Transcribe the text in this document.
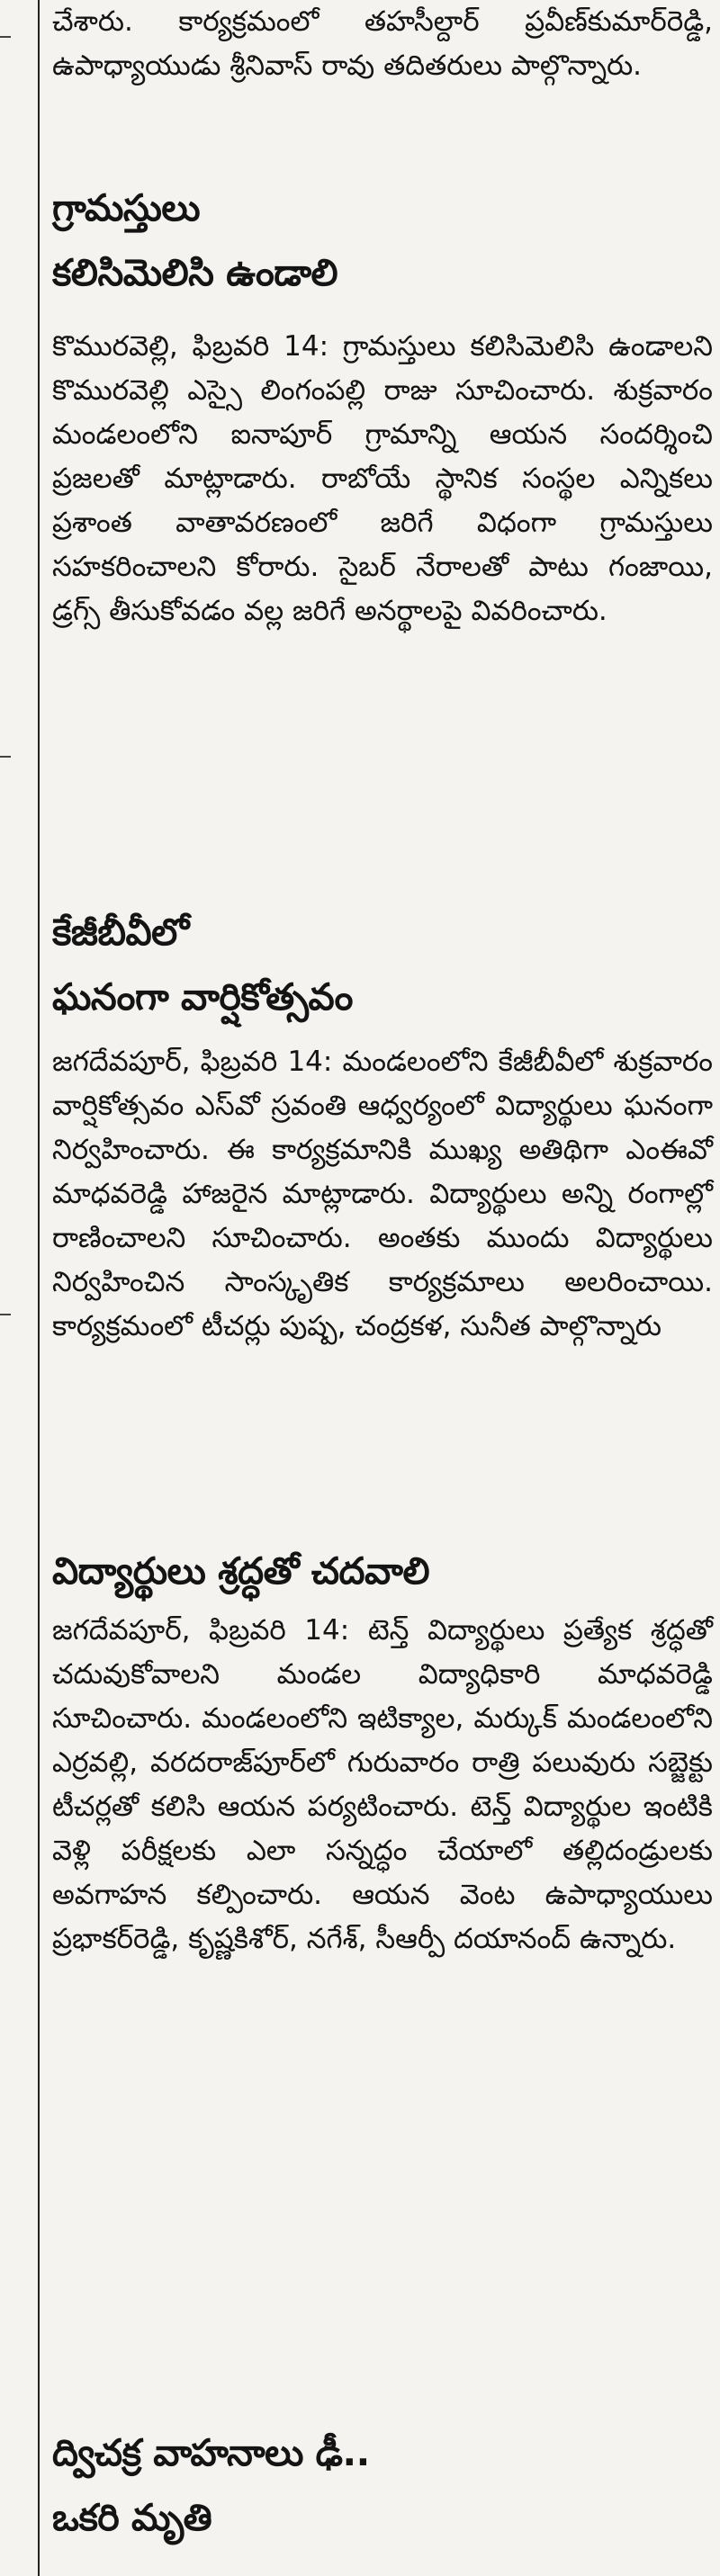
చేశారు. కార్యక్రమంలో తహసీల్దార్ ప్రవీణ్‌కుమార్‌రెడ్డి, ఉపాధ్యాయుడు శ్రీనివాస్ రావు తదితరులు పాల్గొన్నారు.
గ్రామస్తులు
కలిసిమెలిసి ఉండాలి
కొమురవెల్లి, ఫిబ్రవరి 14: గ్రామస్తులు కలిసిమెలిసి ఉండాలని కొమురవెల్లి ఎస్సై లింగంపల్లి రాజు సూచించారు. శుక్రవారం మండలంలోని ఐనాపూర్ గ్రామాన్ని ఆయన సందర్శించి ప్రజలతో మాట్లాడారు. రాబోయే స్థానిక సంస్థల ఎన్నికలు ప్రశాంత వాతావరణంలో జరిగే విధంగా గ్రామస్తులు సహకరించాలని కోరారు. సైబర్ నేరాలతో పాటు గంజాయి, డ్రగ్స్ తీసుకోవడం వల్ల జరిగే అనర్థాలపై వివరించారు.
కేజీబీవీలో
ఘనంగా వార్షికోత్సవం
జగదేవపూర్, ఫిబ్రవరి 14: మండలంలోని కేజీబీవీలో శుక్రవారం వార్షికోత్సవం ఎస్‌వో స్రవంతి ఆధ్వర్యంలో విద్యార్థులు ఘనంగా నిర్వహించారు. ఈ కార్యక్రమానికి ముఖ్య అతిథిగా ఎంఈవో మాధవరెడ్డి హాజరైన మాట్లాడారు. విద్యార్థులు అన్ని రంగాల్లో రాణించాలని సూచించారు. అంతకు ముందు విద్యార్థులు నిర్వహించిన సాంస్కృతిక కార్యక్రమాలు అలరించాయి. కార్యక్రమంలో టీచర్లు పుష్ప, చంద్రకళ, సునీత పాల్గొన్నారు
విద్యార్థులు శ్రద్ధతో చదవాలి
జగదేవపూర్, ఫిబ్రవరి 14: టెన్త్ విద్యార్థులు ప్రత్యేక శ్రద్ధతో చదువుకోవాలని మండల విద్యాధికారి మాధవరెడ్డి సూచించారు. మండలంలోని ఇటిక్యాల, మర్కుక్ మండలంలోని ఎర్రవల్లి, వరదరాజ్‌పూర్‌లో గురువారం రాత్రి పలువురు సబ్జెక్టు టీచర్లతో కలిసి ఆయన పర్యటించారు. టెన్త్ విద్యార్థుల ఇంటికి వెళ్లి పరీక్షలకు ఎలా సన్నద్ధం చేయాలో తల్లిదండ్రులకు అవగాహన కల్పించారు. ఆయన వెంట ఉపాధ్యాయులు ప్రభాకర్‌రెడ్డి, కృష్ణకిశోర్, నగేశ్, సీఆర్పీ దయానంద్ ఉన్నారు.
ద్విచక్ర వాహనాలు ఢీ..
ఒకరి మృతి
